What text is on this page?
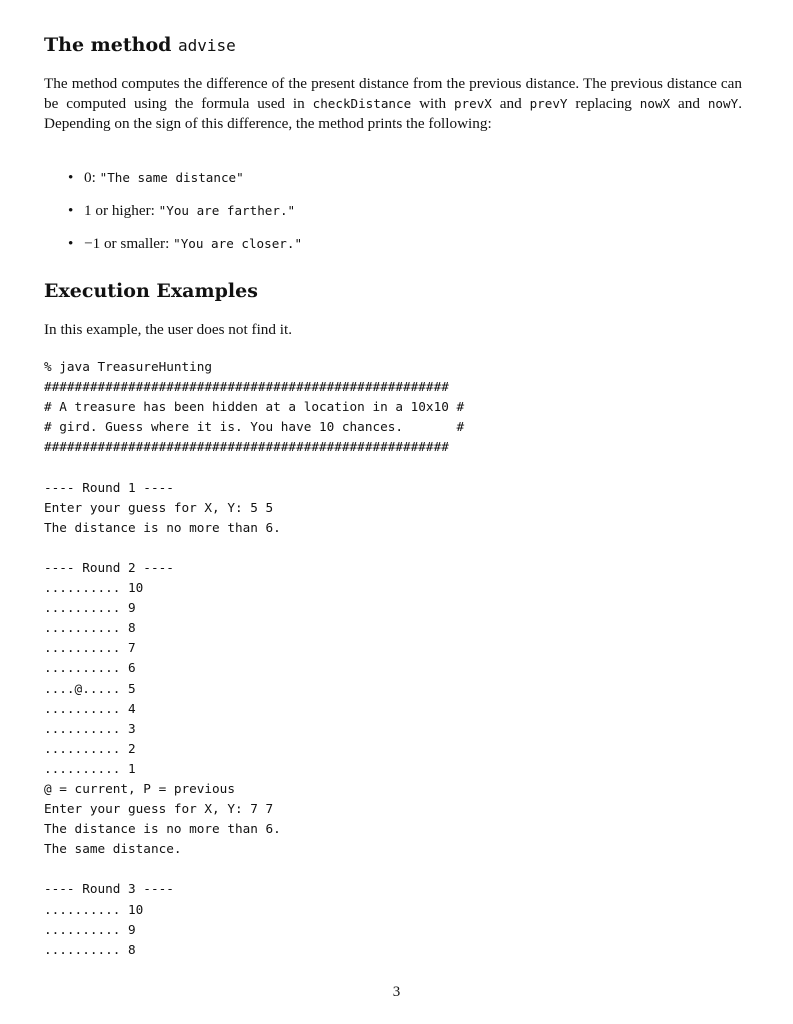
The method advise

The method computes the difference of the present distance from the previous distance. The previous distance can be computed using the formula used in checkDistance with prevX and prevY replacing nowX and nowY. Depending on the sign of this difference, the method prints the following:

• 0: "The same distance"
• 1 or higher: "You are farther."
• −1 or smaller: "You are closer."
Execution Examples

In this example, the user does not find it.

% java TreasureHunting
#####################################################
# A treasure has been hidden at a location in a 10x10 #
# gird. Guess where it is. You have 10 chances.       #
#####################################################

---- Round 1 ----
Enter your guess for X, Y: 5 5
The distance is no more than 6.

---- Round 2 ----
.......... 10
.......... 9
.......... 8
.......... 7
.......... 6
....@..... 5
.......... 4
.......... 3
.......... 2
.......... 1
@ = current, P = previous
Enter your guess for X, Y: 7 7
The distance is no more than 6.
The same distance.

---- Round 3 ----
.......... 10
.......... 9
.......... 8

3
